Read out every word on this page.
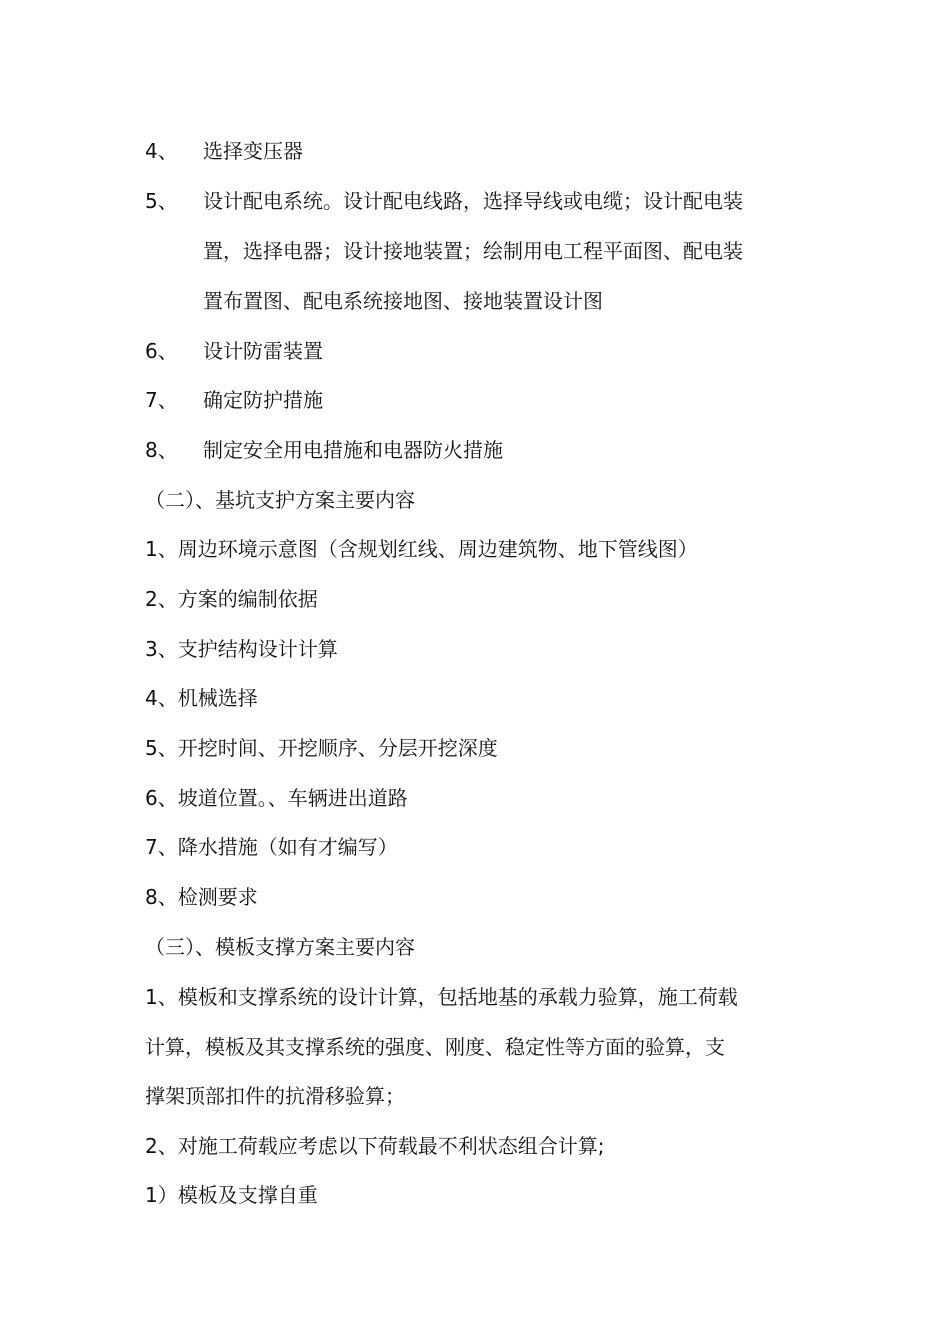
4、 选择变压器
5、 设计配电系统。设计配电线路，选择导线或电缆；设计配电装
置，选择电器；设计接地装置；绘制用电工程平面图、配电装
置布置图、配电系统接地图、接地装置设计图
6、 设计防雷装置
7、 确定防护措施
8、 制定安全用电措施和电器防火措施
（二）、基坑支护方案主要内容
1、周边环境示意图（含规划红线、周边建筑物、地下管线图）
2、方案的编制依据
3、支护结构设计计算
4、机械选择
5、开挖时间、开挖顺序、分层开挖深度
6、坡道位置。、车辆进出道路
7、降水措施（如有才编写）
8、检测要求
（三）、模板支撑方案主要内容
1、模板和支撑系统的设计计算，包括地基的承载力验算，施工荷载
计算，模板及其支撑系统的强度、刚度、稳定性等方面的验算，支
撑架顶部扣件的抗滑移验算；
2、对施工荷载应考虑以下荷载最不利状态组合计算;
1）模板及支撑自重
